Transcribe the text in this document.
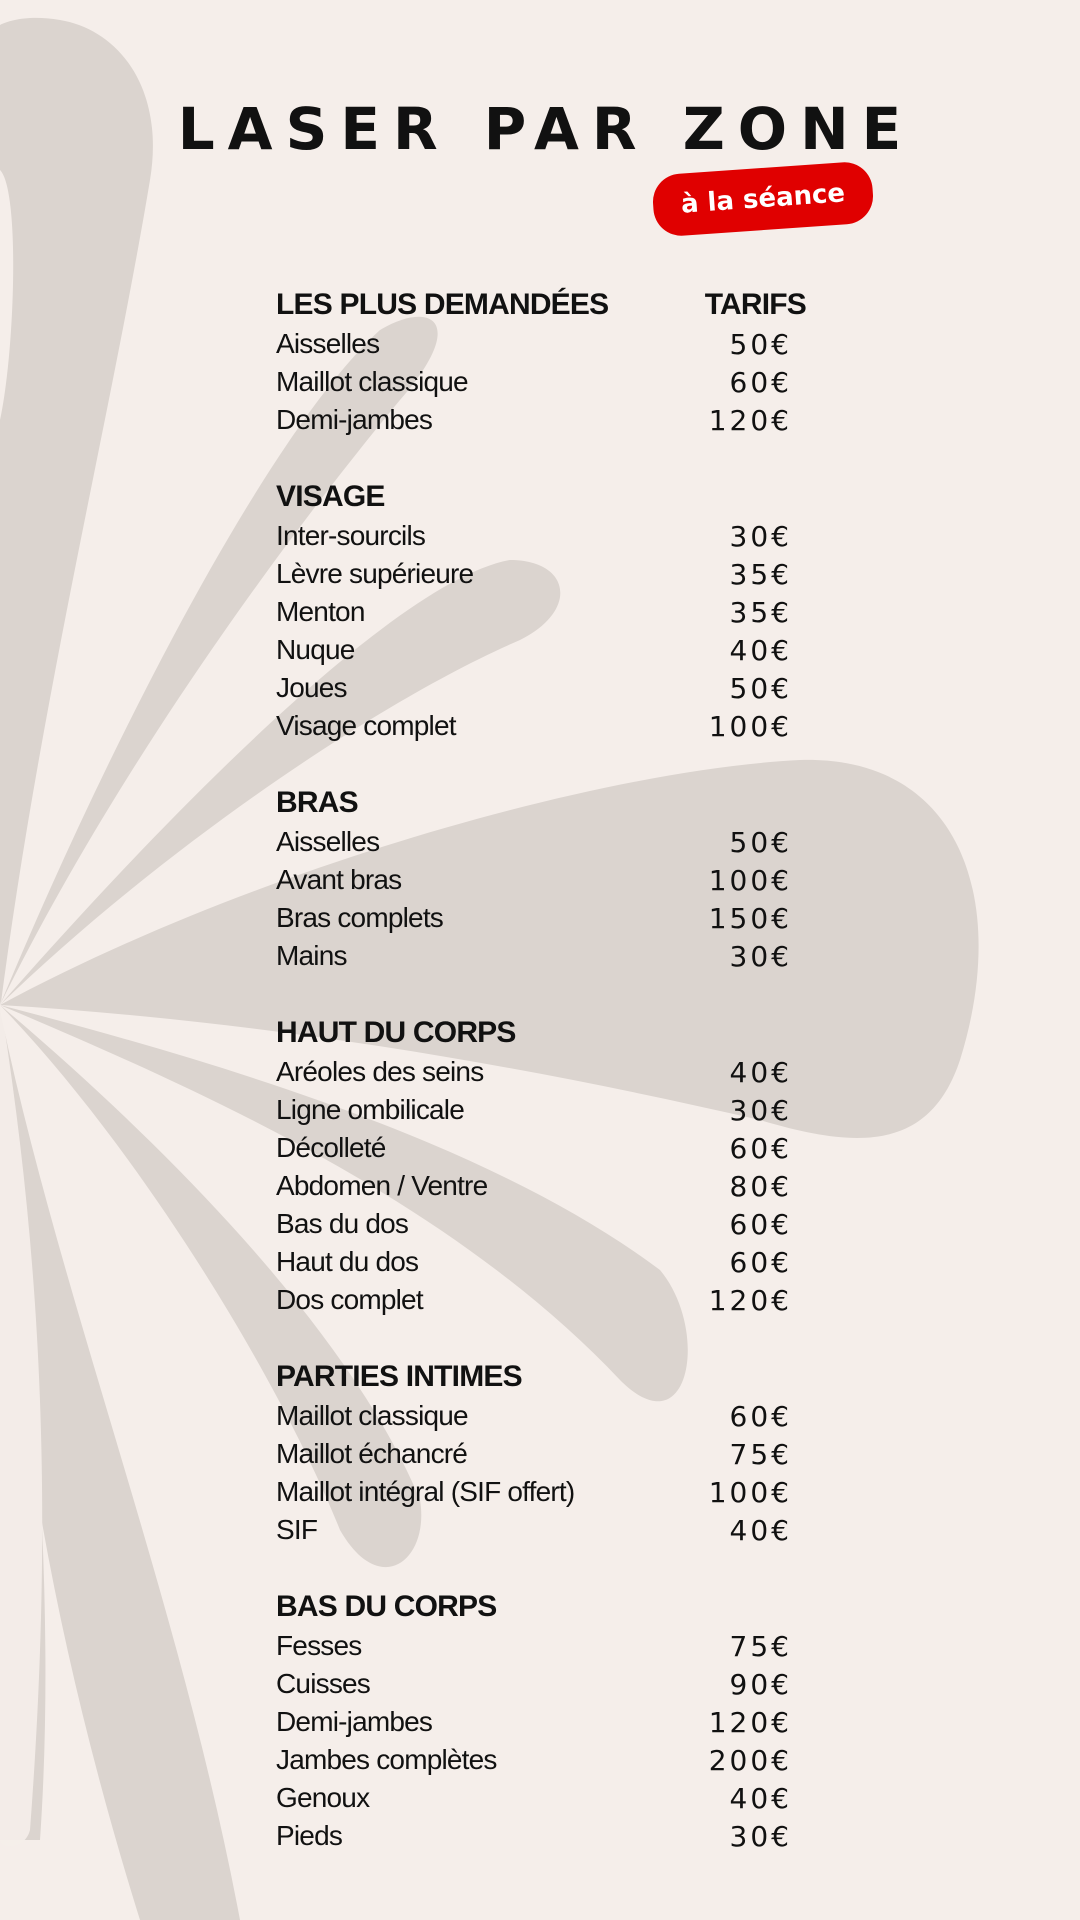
LASER PAR ZONE
à la séance
LES PLUS DEMANDÉES	TARIFS
Aisselles	50€
Maillot classique	60€
Demi-jambes	120€
VISAGE
Inter-sourcils	30€
Lèvre supérieure	35€
Menton	35€
Nuque	40€
Joues	50€
Visage complet	100€
BRAS
Aisselles	50€
Avant bras	100€
Bras complets	150€
Mains	30€
HAUT DU CORPS
Aréoles des seins	40€
Ligne ombilicale	30€
Décolleté	60€
Abdomen / Ventre	80€
Bas du dos	60€
Haut du dos	60€
Dos complet	120€
PARTIES INTIMES
Maillot classique	60€
Maillot échancré	75€
Maillot intégral (SIF offert)	100€
SIF	40€
BAS DU CORPS
Fesses	75€
Cuisses	90€
Demi-jambes	120€
Jambes complètes	200€
Genoux	40€
Pieds	30€
